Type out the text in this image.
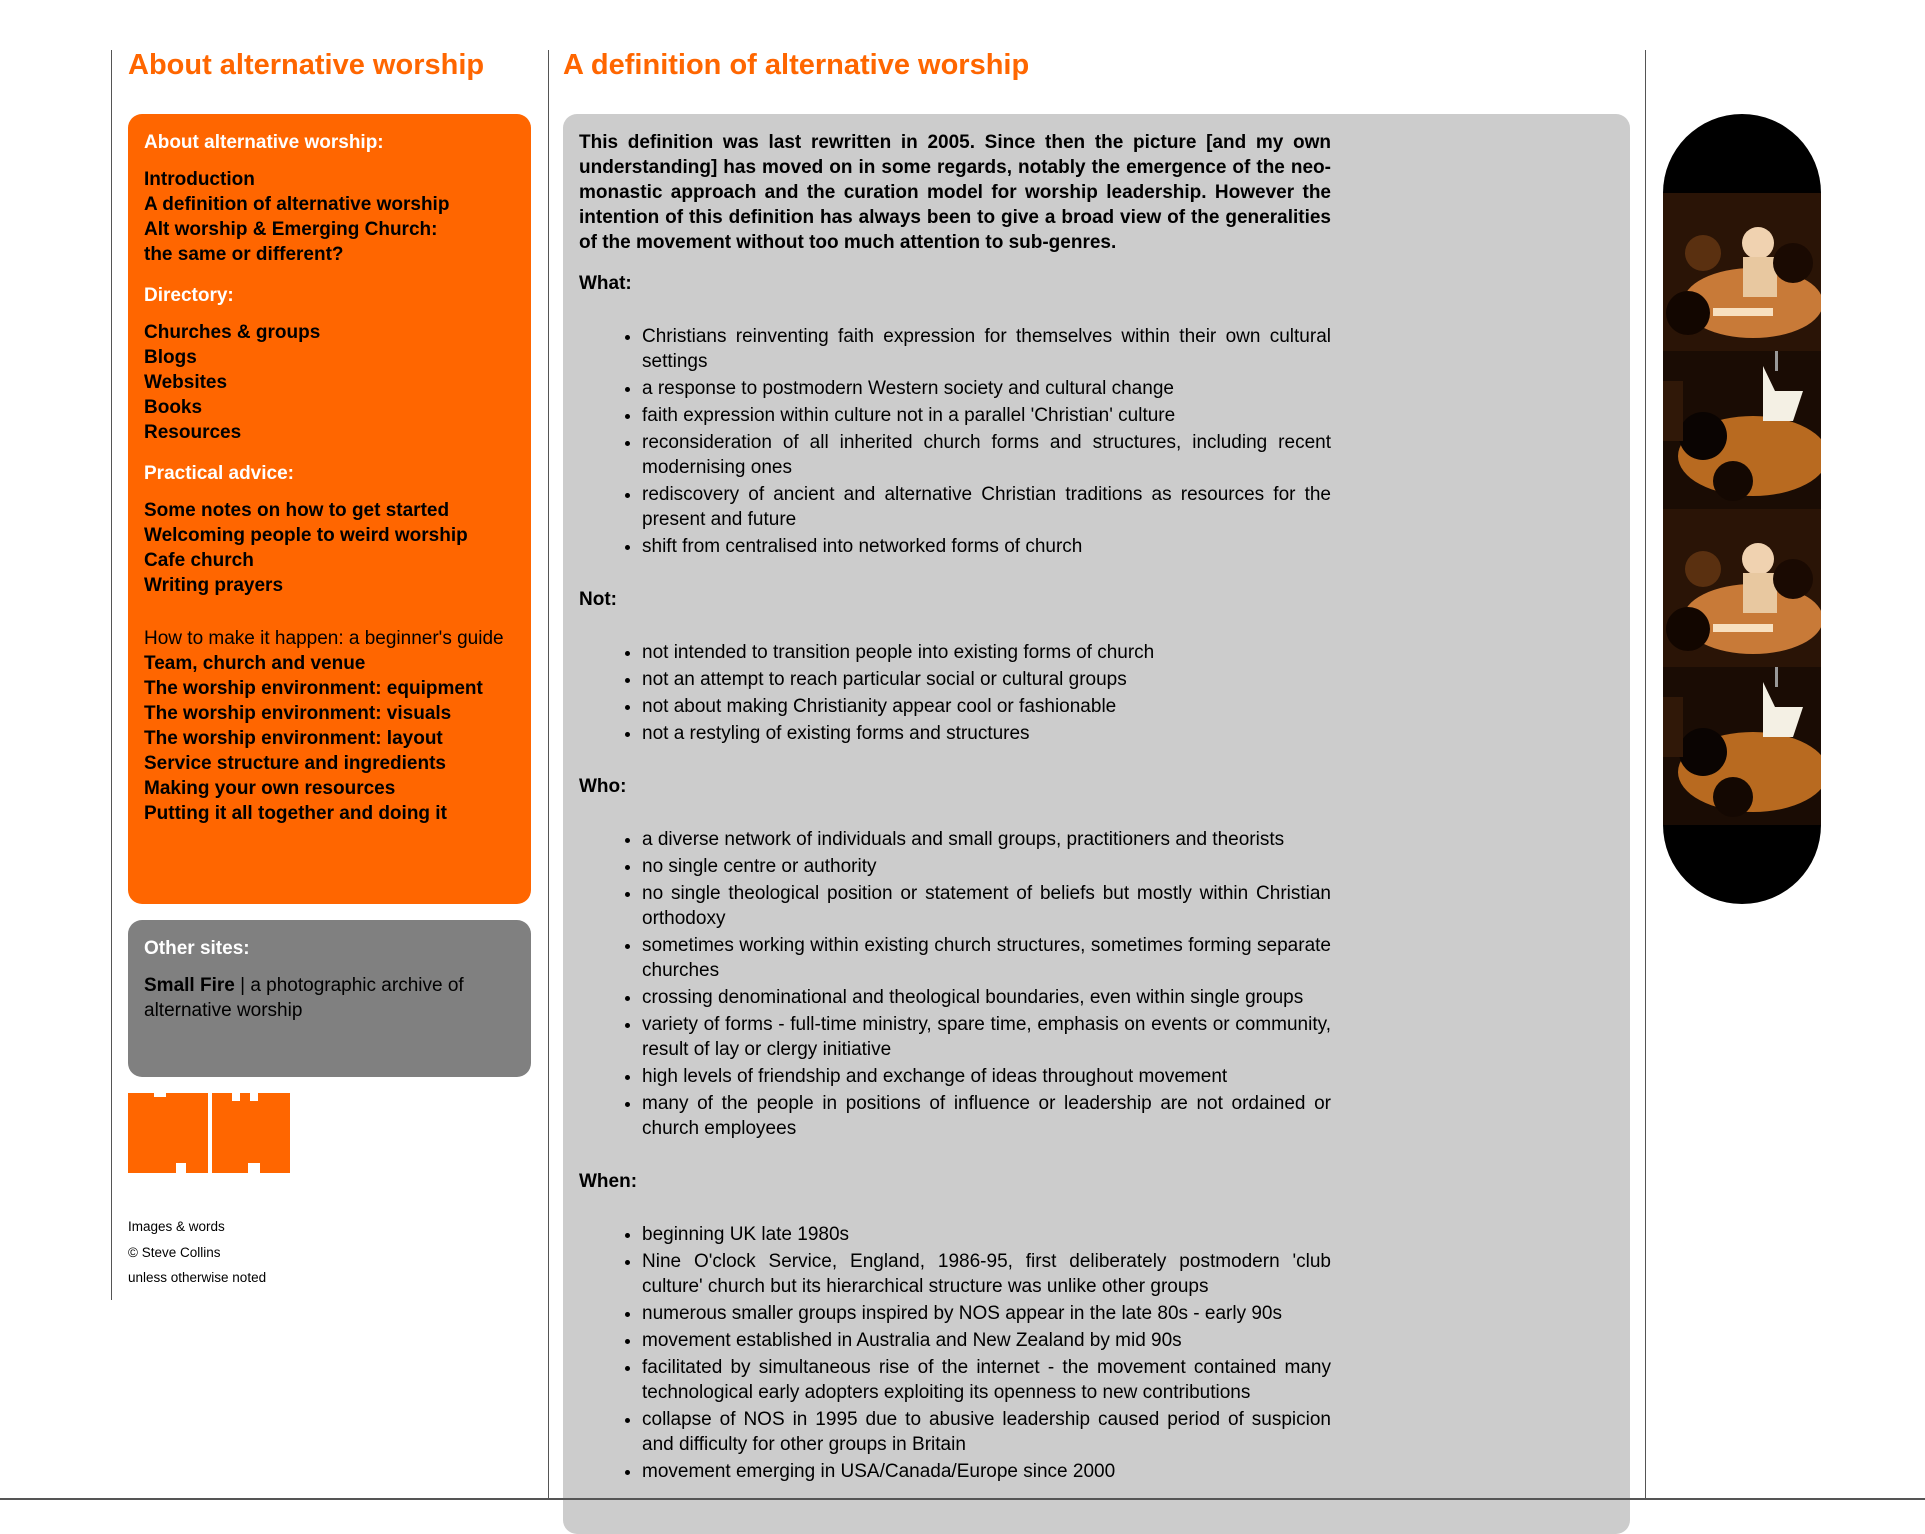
About alternative worship
About alternative worship:
Introduction
A definition of alternative worship
Alt worship & Emerging Church:
the same or different?
Directory:
Churches & groups
Blogs
Websites
Books
Resources
Practical advice:
Some notes on how to get started
Welcoming people to weird worship
Cafe church
Writing prayers
How to make it happen: a beginner's guide
Team, church and venue
The worship environment: equipment
The worship environment: visuals
The worship environment: layout
Service structure and ingredients
Making your own resources
Putting it all together and doing it
Other sites:
Small Fire | a photographic archive of alternative worship
Images & words
© Steve Collins
unless otherwise noted
A definition of alternative worship

This definition was last rewritten in 2005. Since then the picture [and my own understanding] has moved on in some regards, notably the emergence of the neo-monastic approach and the curation model for worship leadership. However the intention of this definition has always been to give a broad view of the generalities of the movement without too much attention to sub-genres.

What:
• Christians reinventing faith expression for themselves within their own cultural settings
• a response to postmodern Western society and cultural change
• faith expression within culture not in a parallel 'Christian' culture
• reconsideration of all inherited church forms and structures, including recent modernising ones
• rediscovery of ancient and alternative Christian traditions as resources for the present and future
• shift from centralised into networked forms of church
Not:
• not intended to transition people into existing forms of church
• not an attempt to reach particular social or cultural groups
• not about making Christianity appear cool or fashionable
• not a restyling of existing forms and structures
Who:
• a diverse network of individuals and small groups, practitioners and theorists
• no single centre or authority
• no single theological position or statement of beliefs but mostly within Christian orthodoxy
• sometimes working within existing church structures, sometimes forming separate churches
• crossing denominational and theological boundaries, even within single groups
• variety of forms - full-time ministry, spare time, emphasis on events or community, result of lay or clergy initiative
• high levels of friendship and exchange of ideas throughout movement
• many of the people in positions of influence or leadership are not ordained or church employees
When:
• beginning UK late 1980s
• Nine O'clock Service, England, 1986-95, first deliberately postmodern 'club culture' church but its hierarchical structure was unlike other groups
• numerous smaller groups inspired by NOS appear in the late 80s - early 90s
• movement established in Australia and New Zealand by mid 90s
• facilitated by simultaneous rise of the internet - the movement contained many technological early adopters exploiting its openness to new contributions
• collapse of NOS in 1995 due to abusive leadership caused period of suspicion and difficulty for other groups in Britain
• movement emerging in USA/Canada/Europe since 2000
